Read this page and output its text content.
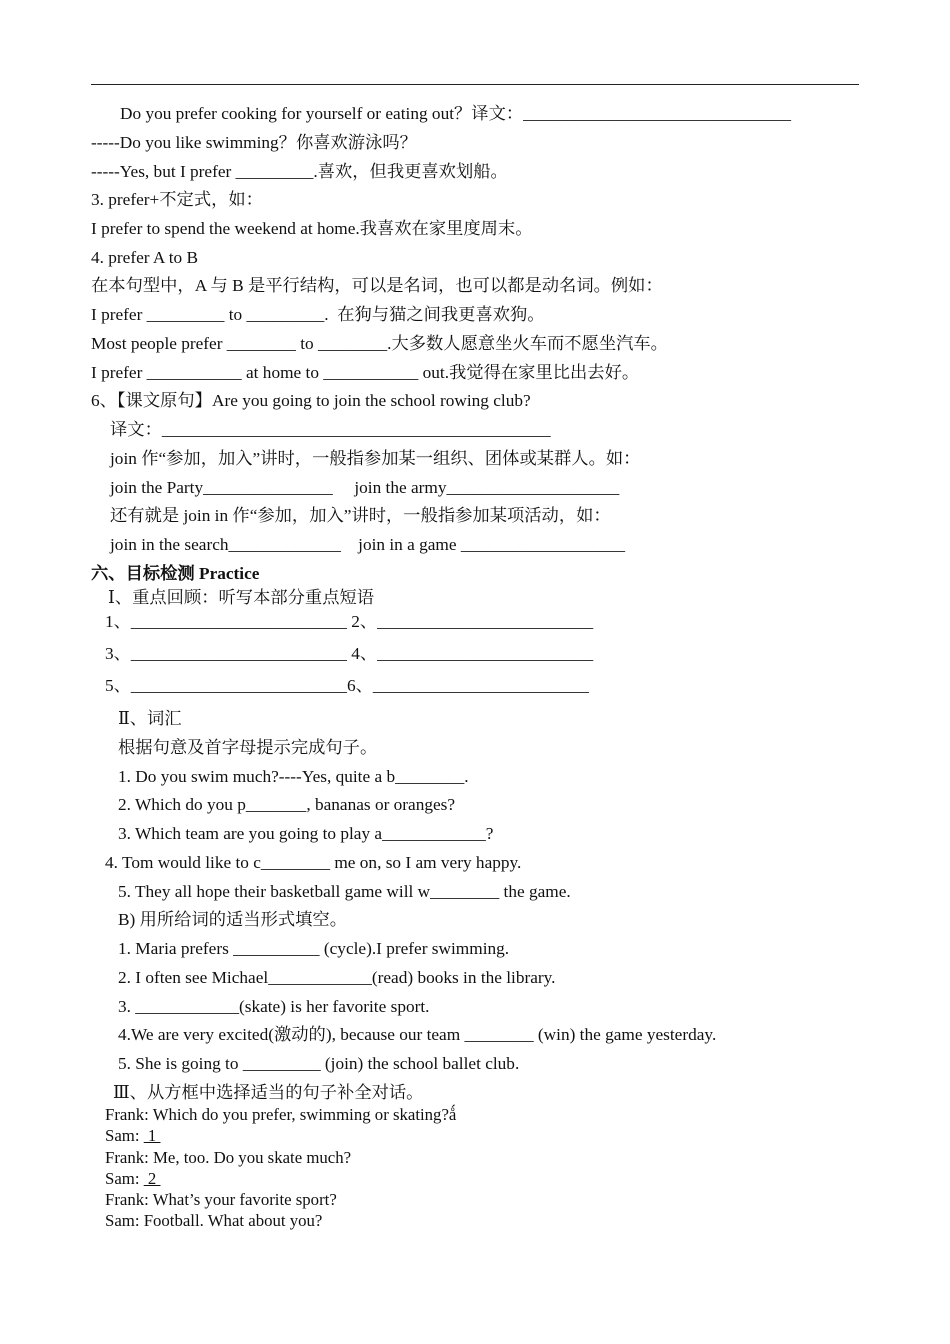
Do you prefer cooking for yourself or eating out？译文：_______________________________
-----Do you like swimming？你喜欢游泳吗？
-----Yes, but I prefer _________.喜欢，但我更喜欢划船。
3. prefer+不定式，如：
I prefer to spend the weekend at home.我喜欢在家里度周末。
4. prefer A to B
在本句型中，A 与 B 是平行结构，可以是名词，也可以都是动名词。例如：
I prefer _________ to _________.  在狗与猫之间我更喜欢狗。
Most people prefer ________ to ________.大多数人愿意坐火车而不愿坐汽车。
I prefer ___________ at home to ___________ out.我觉得在家里比出去好。
6、【课文原句】Are you going to join the school rowing club?
译文：_____________________________________________
join 作“参加，加入”讲时，一般指参加某一组织、团体或某群人。如：
join the Party_______________     join the army____________________
还有就是 join in 作“参加，加入”讲时，一般指参加某项活动，如：
join in the search_____________    join in a game ___________________
六、目标检测 Practice
Ⅰ、重点回顾：听写本部分重点短语
1、_________________________ 2、_________________________
3、_________________________ 4、_________________________
5、_________________________6、_________________________
Ⅱ、词汇
根据句意及首字母提示完成句子。
1. Do you swim much?----Yes, quite a b________.
2. Which do you p_______, bananas or oranges?
3. Which team are you going to play a____________?
4. Tom would like to c________ me on, so I am very happy.
5. They all hope their basketball game will w________ the game.
B) 用所给词的适当形式填空。
1. Maria prefers __________ (cycle).I prefer swimming.
2. I often see Michael____________(read) books in the library.
3. ____________(skate) is her favorite sport.
4.We are very excited(激动的), because our team ________ (win) the game yesterday.
5. She is going to _________ (join) the school ballet club.
Ⅲ、从方框中选择适当的句子补全对话。
Frank: Which do you prefer, swimming or skating?ǻ
Sam:  1
Frank: Me, too. Do you skate much?
Sam:  2
Frank: What’s your favorite sport?
Sam: Football. What about you?
